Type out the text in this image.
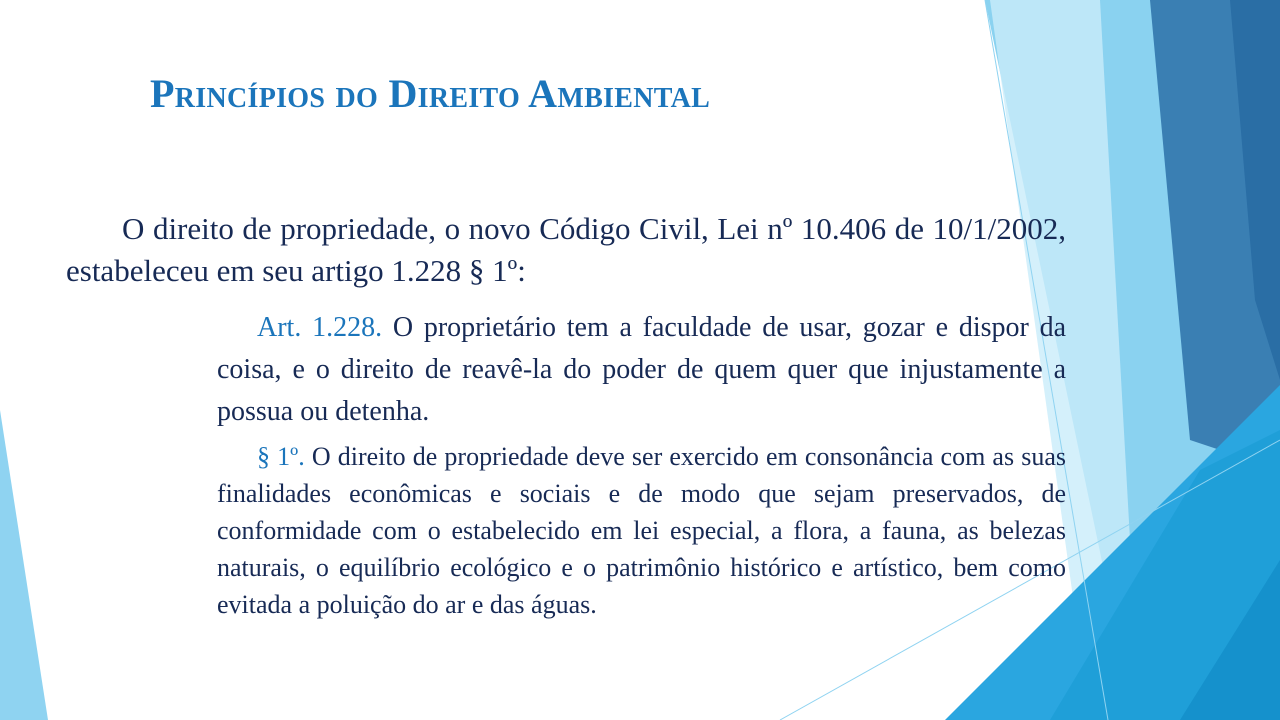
Princípios do Direito Ambiental

O direito de propriedade, o novo Código Civil, Lei nº 10.406 de 10/1/2002, estabeleceu em seu artigo 1.228 § 1º:

Art. 1.228. O proprietário tem a faculdade de usar, gozar e dispor da coisa, e o direito de reavê-la do poder de quem quer que injustamente a possua ou detenha.

§ 1º. O direito de propriedade deve ser exercido em consonância com as suas finalidades econômicas e sociais e de modo que sejam preservados, de conformidade com o estabelecido em lei especial, a flora, a fauna, as belezas naturais, o equilíbrio ecológico e o patrimônio histórico e artístico, bem como evitada a poluição do ar e das águas.
